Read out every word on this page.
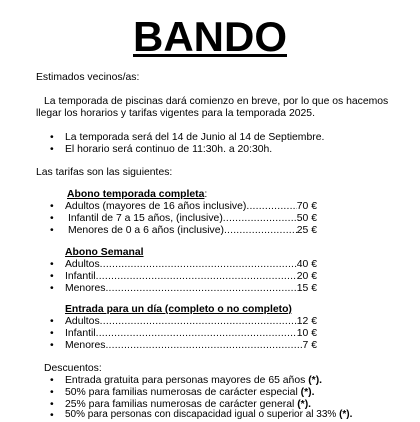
BANDO
Estimados vecinos/as:
La temporada de piscinas dará comienzo en breve, por lo que os hacemos
llegar los horarios y tarifas vigentes para la temporada 2025.
• La temporada será del 14 de Junio al 14 de Septiembre.
• El horario será continuo de 11:30h. a 20:30h.
Las tarifas son las siguientes:
Abono temporada completa:
• Adultos (mayores de 16 años inclusive) .....	70 €
• Infantil de 7 a 15 años, (inclusive) .....	50 €
• Menores de 0 a 6 años (inclusive) .....	25 €
Abono Semanal
• Adultos .....	40 €
• Infantil .....	20 €
• Menores .....	15 €
Entrada para un día (completo o no completo)
• Adultos .....	12 €
• Infantil .....	10 €
• Menores .....	7 €
Descuentos:
• Entrada gratuita para personas mayores de 65 años (*).
• 50% para familias numerosas de carácter especial (*).
• 25% para familias numerosas de carácter general (*).
• 50% para personas con discapacidad igual o superior al 33% (*).
